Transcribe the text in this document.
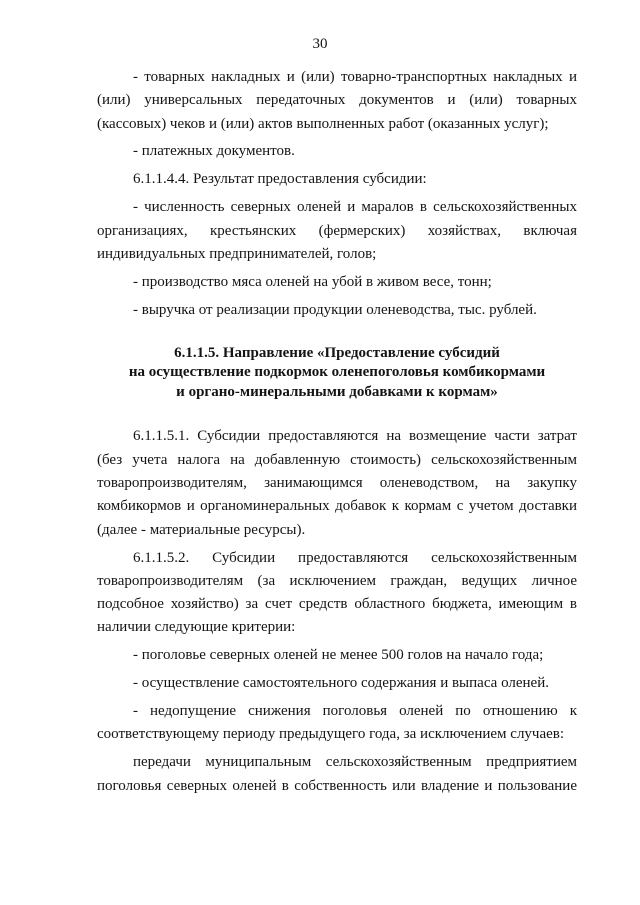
30

- товарных накладных и (или) товарно-транспортных накладных и (или) универсальных передаточных документов и (или) товарных (кассовых) чеков и (или) актов выполненных работ (оказанных услуг);

- платежных документов.

6.1.1.4.4. Результат предоставления субсидии:

- численность северных оленей и маралов в сельскохозяйственных организациях, крестьянских (фермерских) хозяйствах, включая индивидуальных предпринимателей, голов;

- производство мяса оленей на убой в живом весе, тонн;

- выручка от реализации продукции оленеводства, тыс. рублей.

6.1.1.5. Направление «Предоставление субсидий
на осуществление подкормок оленепоголовья комбикормами
и органо-минеральными добавками к кормам»

6.1.1.5.1. Субсидии предоставляются на возмещение части затрат (без учета налога на добавленную стоимость) сельскохозяйственным товаропроизводителям, занимающимся оленеводством, на закупку комбикормов и органоминеральных добавок к кормам с учетом доставки (далее - материальные ресурсы).

6.1.1.5.2. Субсидии предоставляются сельскохозяйственным товаропроизводителям (за исключением граждан, ведущих личное подсобное хозяйство) за счет средств областного бюджета, имеющим в наличии следующие критерии:

- поголовье северных оленей не менее 500 голов на начало года;

- осуществление самостоятельного содержания и выпаса оленей.

- недопущение снижения поголовья оленей по отношению к соответствующему периоду предыдущего года, за исключением случаев:

передачи муниципальным сельскохозяйственным предприятием поголовья северных оленей в собственность или владение и пользование
